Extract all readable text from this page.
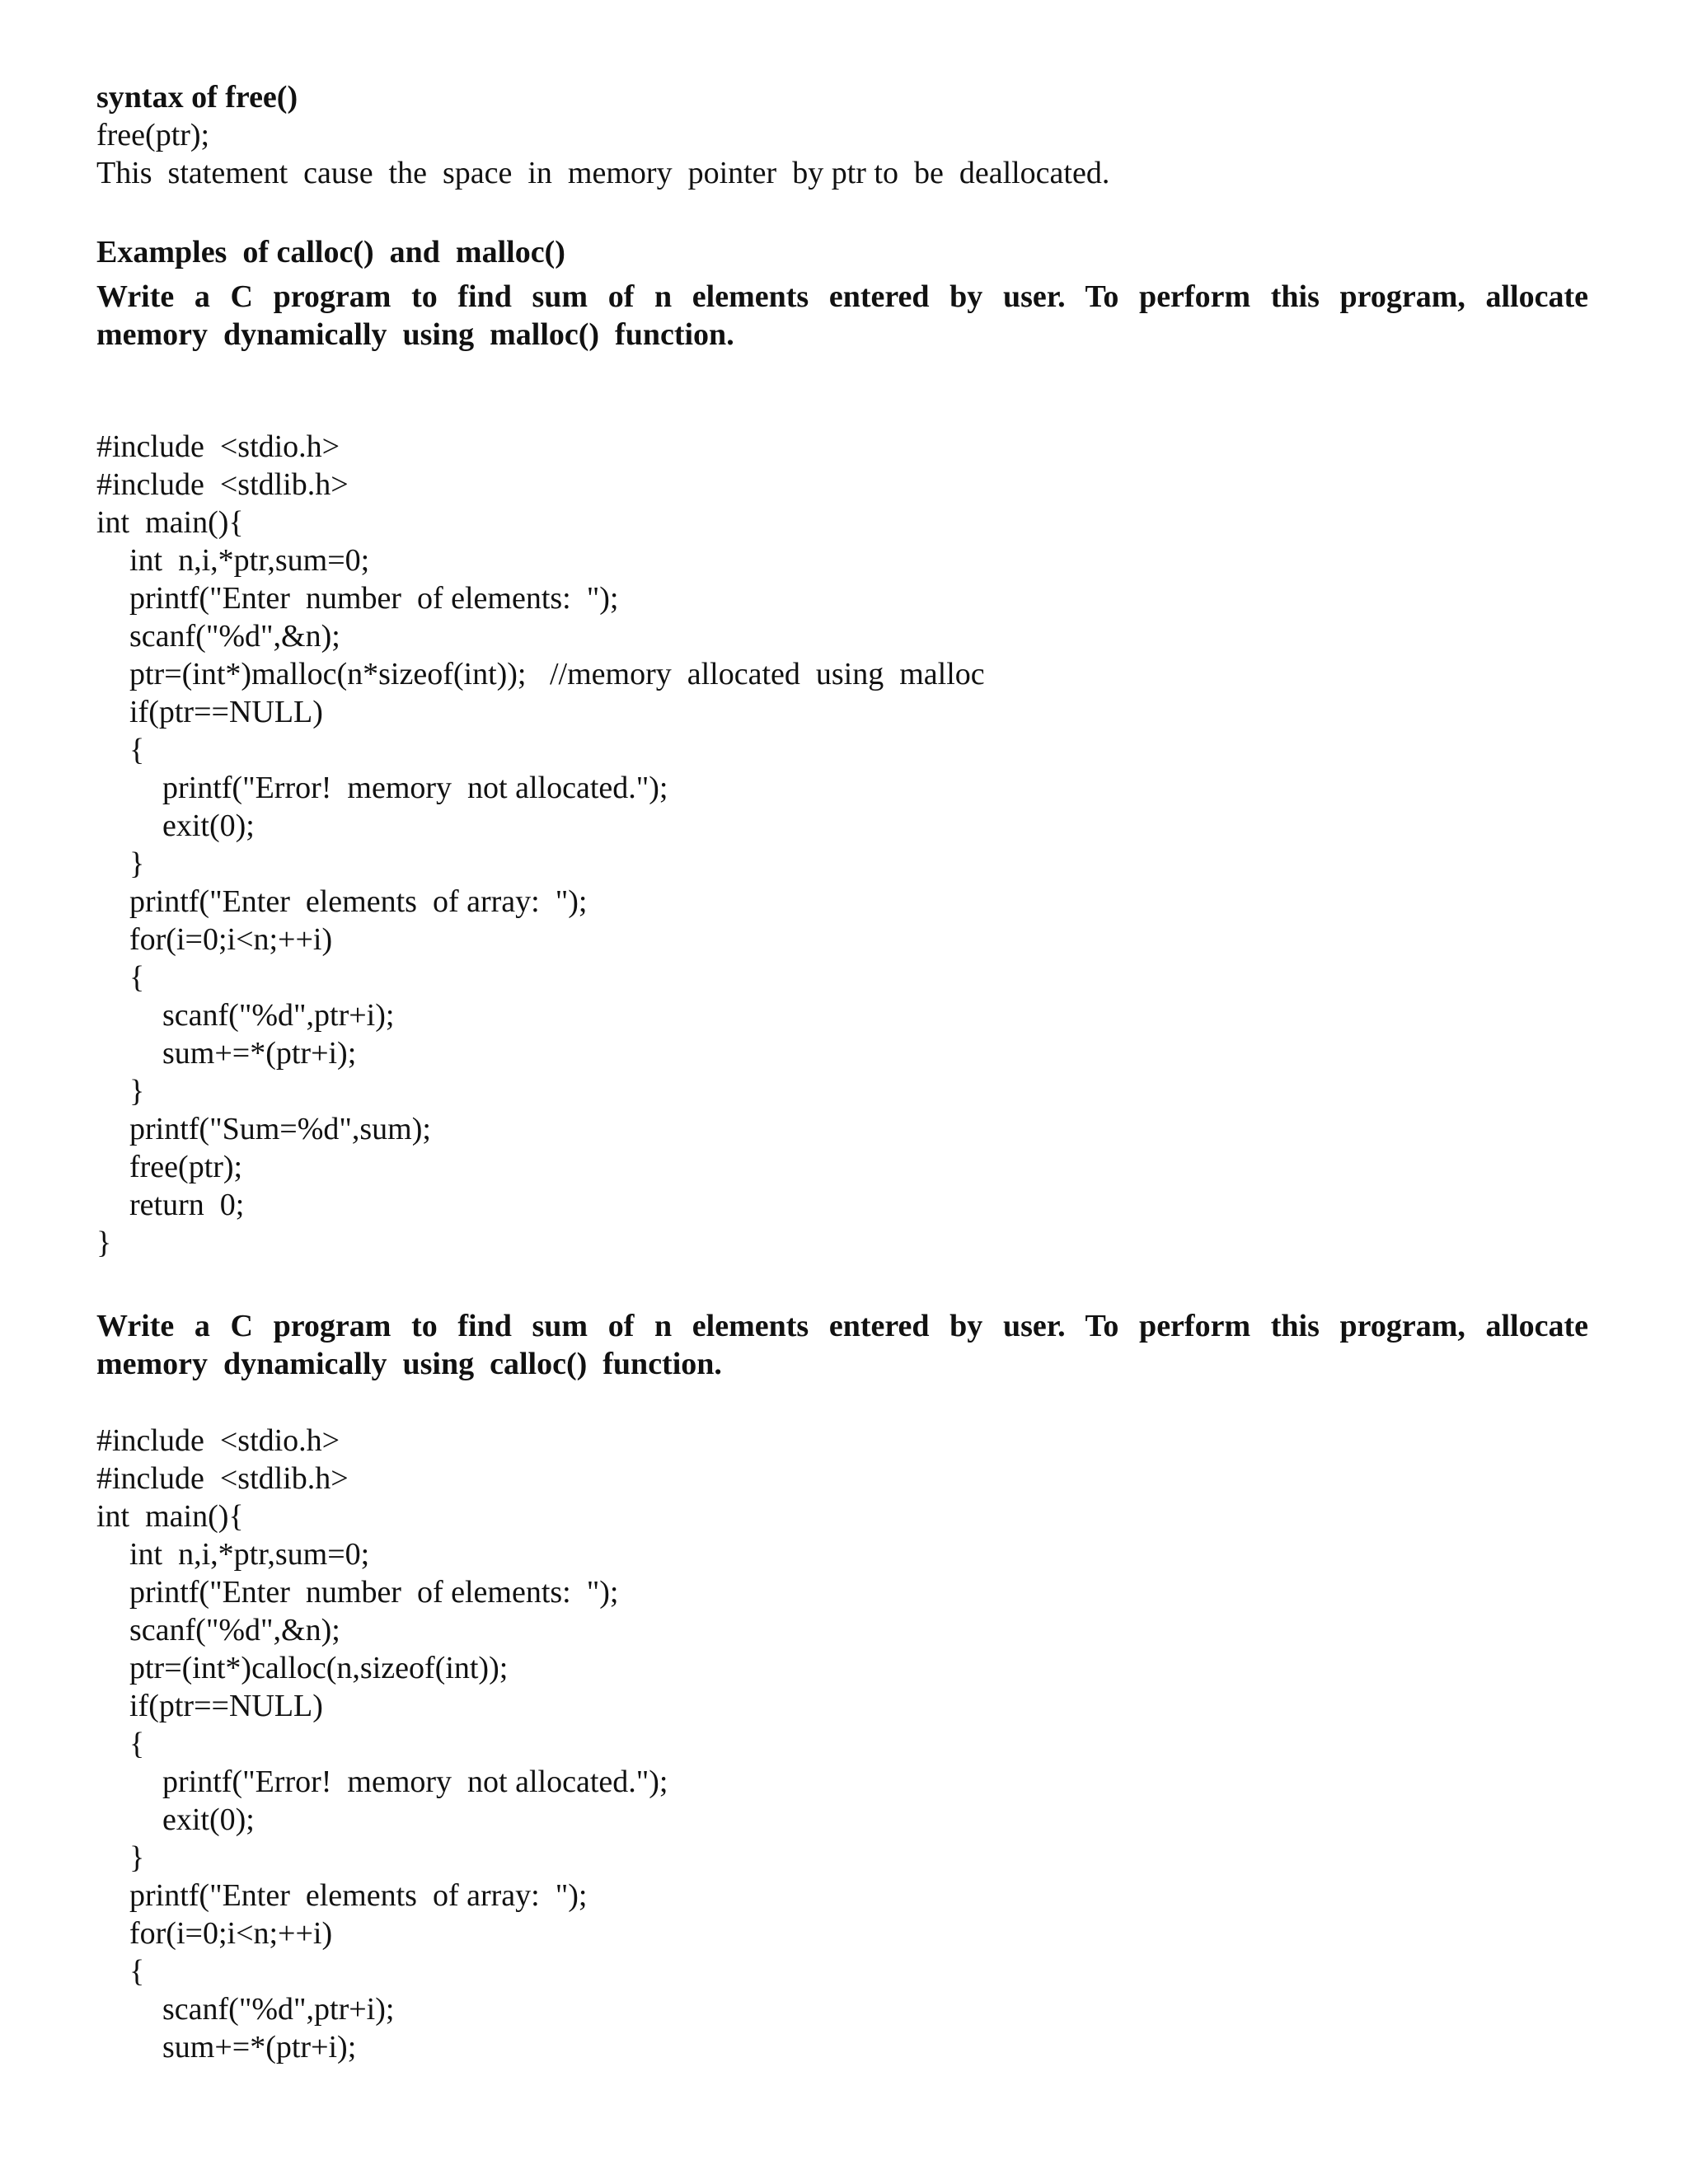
syntax of free()
free(ptr);
This  statement  cause  the  space  in  memory  pointer  by ptr to  be  deallocated.
Examples  of calloc()  and  malloc()
Write a C program to find sum of n elements entered by user. To perform this program, allocate
memory  dynamically  using  malloc()  function.
#include  <stdio.h>
#include  <stdlib.h>
int  main(){
int  n,i,*ptr,sum=0;
printf("Enter  number  of elements:  ");
scanf("%d",&n);
ptr=(int*)malloc(n*sizeof(int));   //memory  allocated  using  malloc
if(ptr==NULL)
{
printf("Error!  memory  not allocated.");
exit(0);
}
printf("Enter  elements  of array:  ");
for(i=0;i<n;++i)
{
scanf("%d",ptr+i);
sum+=*(ptr+i);
}
printf("Sum=%d",sum);
free(ptr);
return  0;
}
Write a C program to find sum of n elements entered by user. To perform this program, allocate
memory  dynamically  using  calloc()  function.
#include  <stdio.h>
#include  <stdlib.h>
int  main(){
int  n,i,*ptr,sum=0;
printf("Enter  number  of elements:  ");
scanf("%d",&n);
ptr=(int*)calloc(n,sizeof(int));
if(ptr==NULL)
{
printf("Error!  memory  not allocated.");
exit(0);
}
printf("Enter  elements  of array:  ");
for(i=0;i<n;++i)
{
scanf("%d",ptr+i);
sum+=*(ptr+i);
